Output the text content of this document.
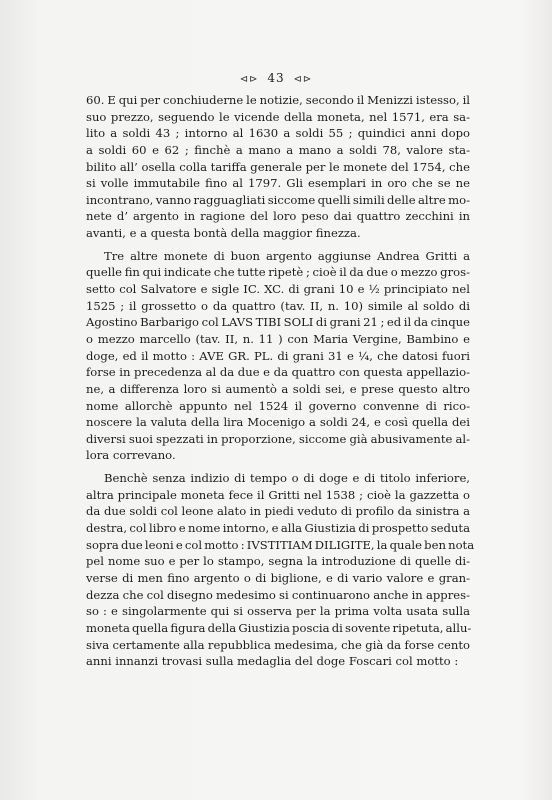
⊲⊳ 43 ⊲⊳
60. E qui per conchiuderne le notizie, secondo il Menizzi istesso, il
suo prezzo, seguendo le vicende della moneta, nel 1571, era sa-
lito a soldi 43 ; intorno al 1630 a soldi 55 ; quindici anni dopo
a soldi 60 e 62 ; finchè a mano a mano a soldi 78, valore sta-
bilito all’ osella colla tariffa generale per le monete del 1754, che
si volle immutabile fino al 1797. Gli esemplari in oro che se ne
incontrano, vanno ragguagliati siccome quelli simili delle altre mo-
nete d’ argento in ragione del loro peso dai quattro zecchini in
avanti, e a questa bontà della maggior finezza.
Tre altre monete di buon argento aggiunse Andrea Gritti a
quelle fin qui indicate che tutte ripetè ; cioè il da due o mezzo gros-
setto col Salvatore e sigle IC. XC. di grani 10 e ½ principiato nel
1525 ; il grossetto o da quattro (tav. II, n. 10) simile al soldo di
Agostino Barbarigo col LAVS TIBI SOLI di grani 21 ; ed il da cinque
o mezzo marcello (tav. II, n. 11 ) con Maria Vergine, Bambino e
doge, ed il motto : AVE GR. PL. di grani 31 e ¼, che datosi fuori
forse in precedenza al da due e da quattro con questa appellazio-
ne, a differenza loro si aumentò a soldi sei, e prese questo altro
nome allorchè appunto nel 1524 il governo convenne di rico-
noscere la valuta della lira Mocenigo a soldi 24, e così quella dei
diversi suoi spezzati in proporzione, siccome già abusivamente al-
lora correvano.
Benchè senza indizio di tempo o di doge e di titolo inferiore,
altra principale moneta fece il Gritti nel 1538 ; cioè la gazzetta o
da due soldi col leone alato in piedi veduto di profilo da sinistra a
destra, col libro e nome intorno, e alla Giustizia di prospetto seduta
sopra due leoni e col motto : IVSTITIAM DILIGITE, la quale ben nota
pel nome suo e per lo stampo, segna la introduzione di quelle di-
verse di men fino argento o di biglione, e di vario valore e gran-
dezza che col disegno medesimo si continuarono anche in appres-
so : e singolarmente qui si osserva per la prima volta usata sulla
moneta quella figura della Giustizia poscia di sovente ripetuta, allu-
siva certamente alla repubblica medesima, che già da forse cento
anni innanzi trovasi sulla medaglia del doge Foscari col motto :
